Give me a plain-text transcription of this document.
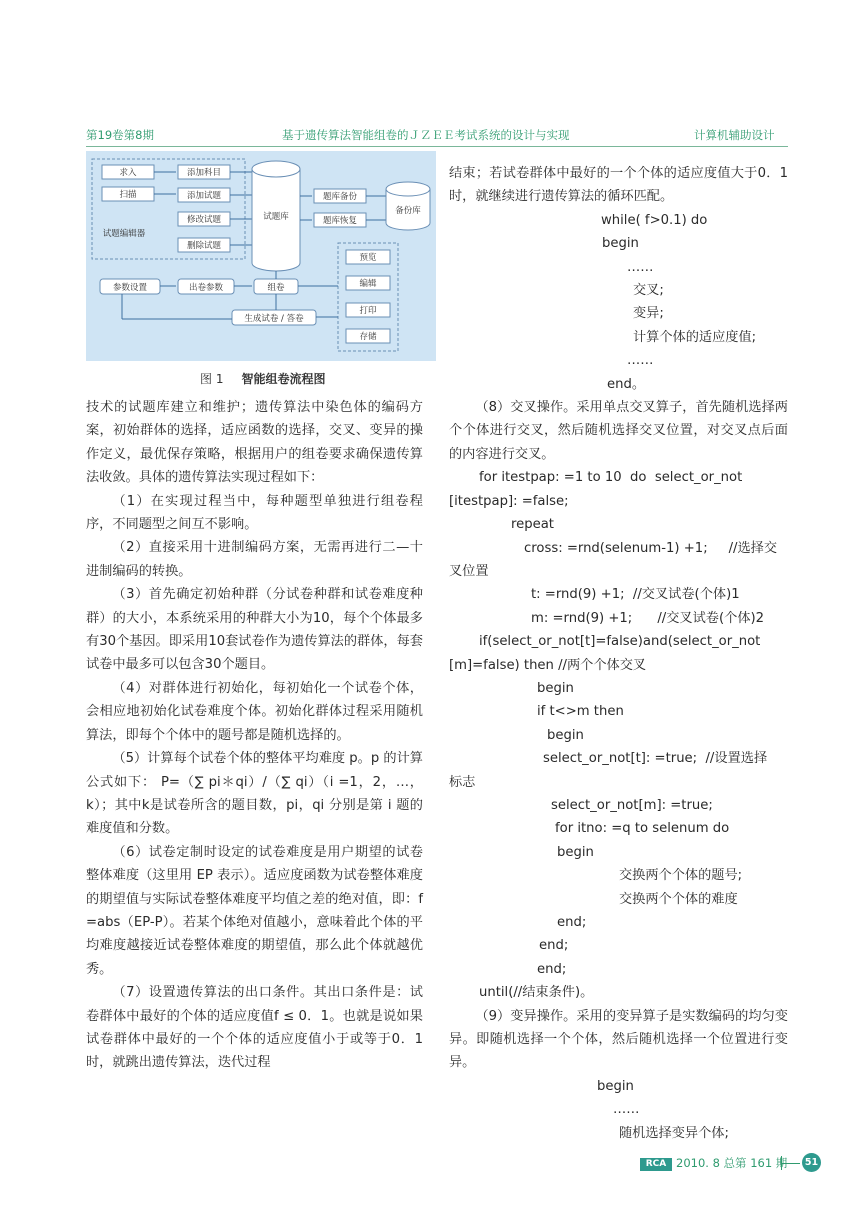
第19卷第8期	基于遗传算法智能组卷的ＪＺＥＥ考试系统的设计与实现	计算机辅助设计
试题编辑器
求入
扫描
添加科目
添加试题
修改试题
删除试题
试题库
题库备份
题库恢复
备份库
预览
编辑
打印
存储
参数设置	出卷参数	组卷
生成试卷 / 答卷
图 1 智能组卷流程图

技术的试题库建立和维护；遗传算法中染色体的编码方案，初始群体的选择，适应函数的选择，交叉、变异的操作定义，最优保存策略，根据用户的组卷要求确保遗传算法收敛。具体的遗传算法实现过程如下：

（1）在实现过程当中，每种题型单独进行组卷程序，不同题型之间互不影响。

（2）直接采用十进制编码方案，无需再进行二—十进制编码的转换。

（3）首先确定初始种群（分试卷种群和试卷难度种群）的大小，本系统采用的种群大小为10，每个个体最多有30个基因。即采用10套试卷作为遗传算法的群体，每套试卷中最多可以包含30个题目。

（4）对群体进行初始化，每初始化一个试卷个体，会相应地初始化试卷难度个体。初始化群体过程采用随机算法，即每个个体中的题号都是随机选择的。

（5）计算每个试卷个体的整体平均难度 p。p 的计算公式如下： P=（∑ pi＊qi）/（∑ qi）（i =1，2，…，k）；其中k是试卷所含的题目数，pi，qi 分别是第 i 题的难度值和分数。

（6）试卷定制时设定的试卷难度是用户期望的试卷整体难度（这里用 EP 表示）。适应度函数为试卷整体难度的期望值与实际试卷整体难度平均值之差的绝对值，即：f =abs（EP-P）。若某个体绝对值越小，意味着此个体的平均难度越接近试卷整体难度的期望值，那么此个体就越优秀。

（7）设置遗传算法的出口条件。其出口条件是：试卷群体中最好的个体的适应度值f ≤ 0．1。也就是说如果试卷群体中最好的一个个体的适应度值小于或等于0．1时，就跳出遗传算法，迭代过程

结束；若试卷群体中最好的一个个体的适应度值大于0．1时，就继续进行遗传算法的循环匹配。

while( f>0.1) do
begin
……
交叉;
变异;
计算个体的适应度值;
……
end。

（8）交叉操作。采用单点交叉算子，首先随机选择两个个体进行交叉，然后随机选择交叉位置，对交叉点后面的内容进行交叉。

for itestpap: =1 to 10  do  select_or_not
[itestpap]: =false;
repeat
cross: =rnd(selenum-1) +1;     //选择交
叉位置
t: =rnd(9) +1;  //交叉试卷(个体)1
m: =rnd(9) +1;      //交叉试卷(个体)2
if(select_or_not[t]=false)and(select_or_not
[m]=false) then //两个个体交叉
begin
if t<>m then
begin
select_or_not[t]: =true;  //设置选择
标志
select_or_not[m]: =true;
for itno: =q to selenum do
begin
交换两个个体的题号;
交换两个个体的难度
end;
end;
end;
until(//结束条件)。

（9）变异操作。采用的变异算子是实数编码的均匀变异。即随机选择一个个体，然后随机选择一个位置进行变异。

begin
……
随机选择变异个体;
RCA 2010. 8 总第 161 期	51
